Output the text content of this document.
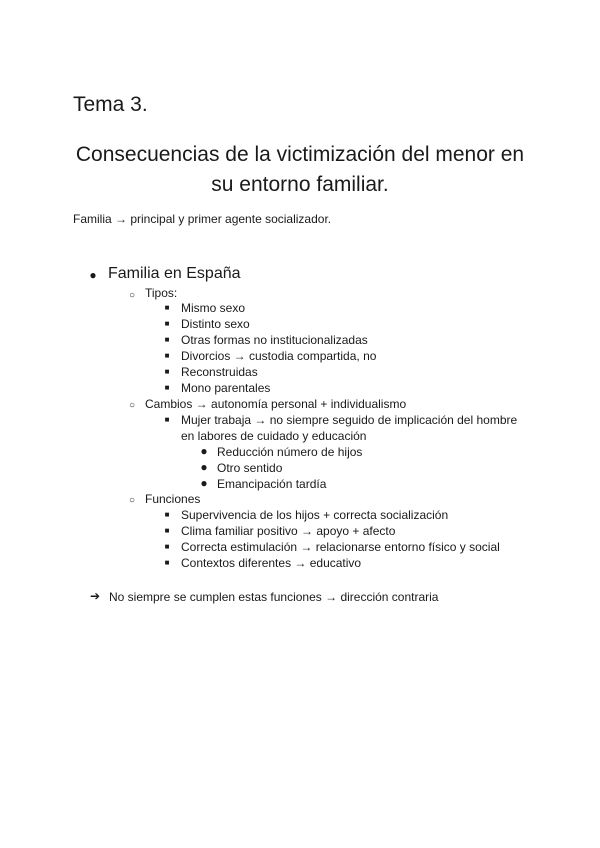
Tema 3.
Consecuencias de la victimización del menor en
su entorno familiar.

Familia → principal y primer agente socializador.

● Familia en España
○ Tipos:
■ Mismo sexo
■ Distinto sexo
■ Otras formas no institucionalizadas
■ Divorcios → custodia compartida, no
■ Reconstruidas
■ Mono parentales
○ Cambios → autonomía personal + individualismo
■ Mujer trabaja → no siempre seguido de implicación del hombre
en labores de cuidado y educación
● Reducción número de hijos
● Otro sentido
● Emancipación tardía
○ Funciones
■ Supervivencia de los hijos + correcta socialización
■ Clima familiar positivo → apoyo + afecto
■ Correcta estimulación → relacionarse entorno físico y social
■ Contextos diferentes → educativo
➔ No siempre se cumplen estas funciones → dirección contraria
